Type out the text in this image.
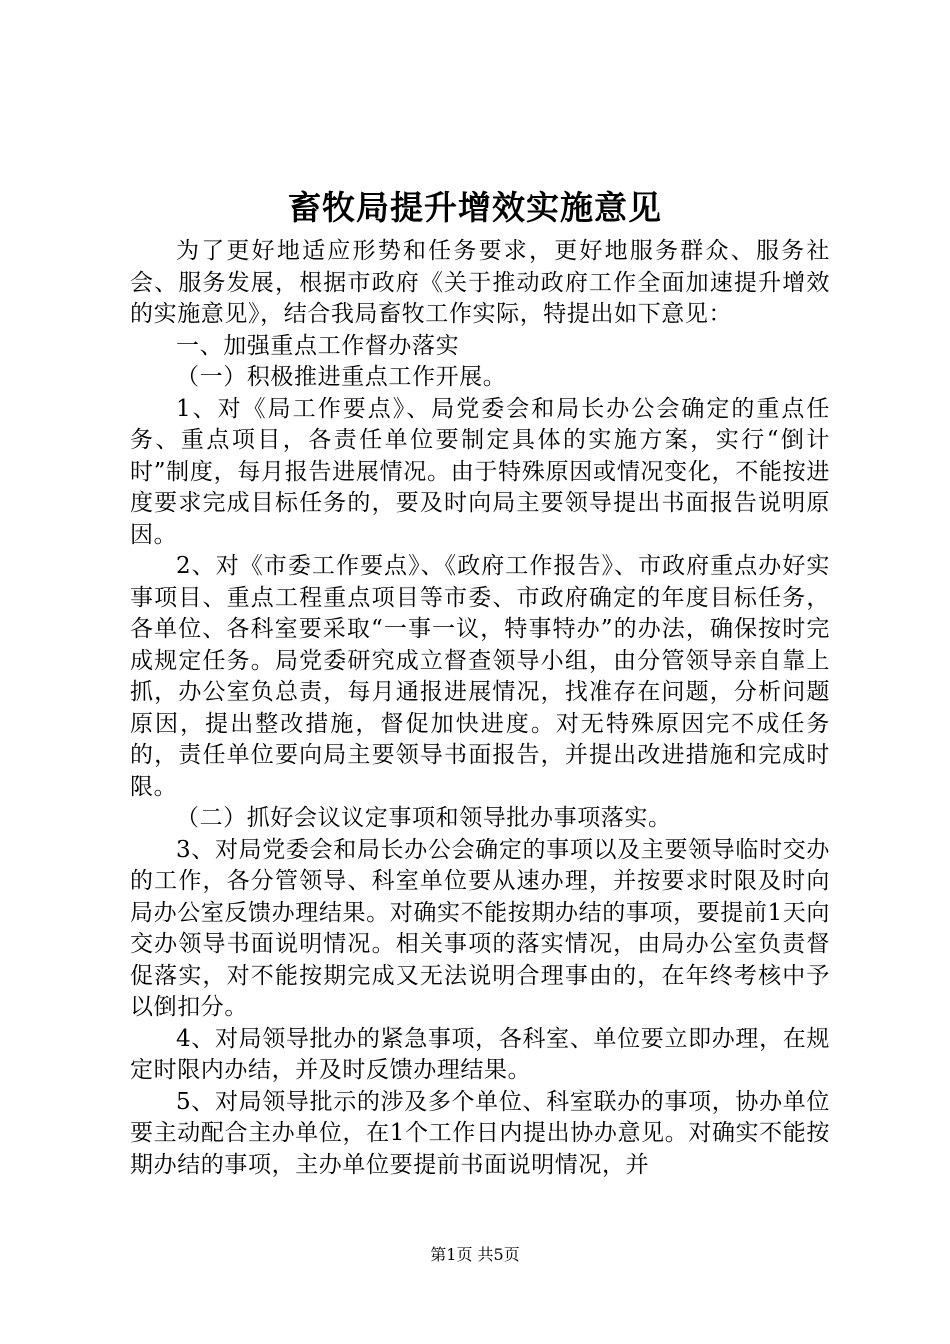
畜牧局提升增效实施意见

为了更好地适应形势和任务要求，更好地服务群众、服务社会、服务发展，根据市政府《关于推动政府工作全面加速提升增效的实施意见》，结合我局畜牧工作实际，特提出如下意见：

一、加强重点工作督办落实

（一）积极推进重点工作开展。

1、对《局工作要点》、局党委会和局长办公会确定的重点任务、重点项目，各责任单位要制定具体的实施方案，实行“倒计时”制度，每月报告进展情况。由于特殊原因或情况变化，不能按进度要求完成目标任务的，要及时向局主要领导提出书面报告说明原因。

2、对《市委工作要点》、《政府工作报告》、市政府重点办好实事项目、重点工程重点项目等市委、市政府确定的年度目标任务，各单位、各科室要采取“一事一议，特事特办”的办法，确保按时完成规定任务。局党委研究成立督查领导小组，由分管领导亲自靠上抓，办公室负总责，每月通报进展情况，找准存在问题，分析问题原因，提出整改措施，督促加快进度。对无特殊原因完不成任务的，责任单位要向局主要领导书面报告，并提出改进措施和完成时限。

（二）抓好会议议定事项和领导批办事项落实。

3、对局党委会和局长办公会确定的事项以及主要领导临时交办的工作，各分管领导、科室单位要从速办理，并按要求时限及时向局办公室反馈办理结果。对确实不能按期办结的事项，要提前1天向交办领导书面说明情况。相关事项的落实情况，由局办公室负责督促落实，对不能按期完成又无法说明合理事由的，在年终考核中予以倒扣分。

4、对局领导批办的紧急事项，各科室、单位要立即办理，在规定时限内办结，并及时反馈办理结果。

5、对局领导批示的涉及多个单位、科室联办的事项，协办单位要主动配合主办单位，在1个工作日内提出协办意见。对确实不能按期办结的事项，主办单位要提前书面说明情况，并

第1页 共5页
